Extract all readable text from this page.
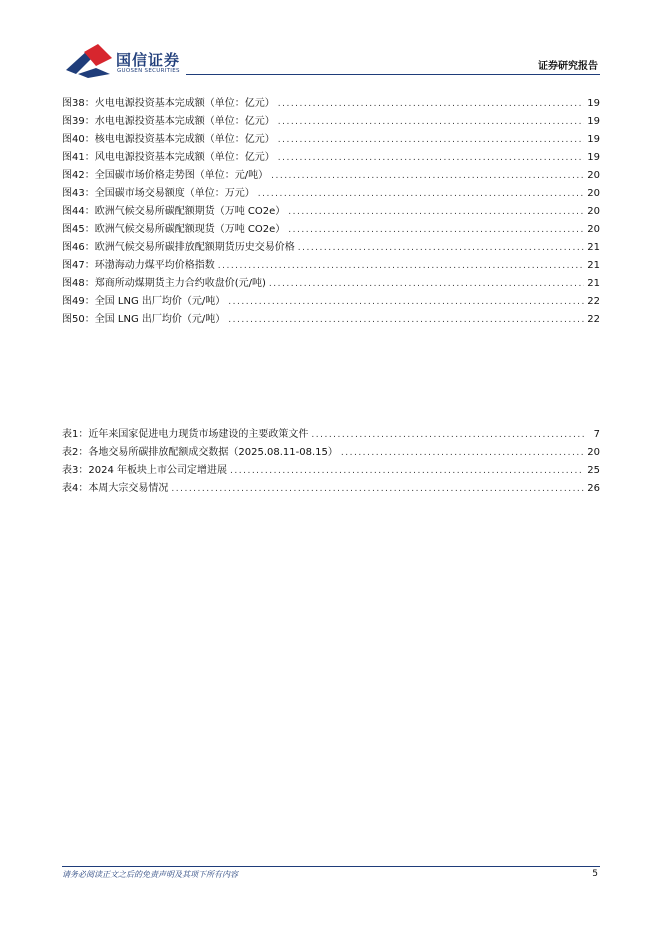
国信证券
GUOSEN SECURITIES	证券研究报告
图38：火电电源投资基本完成额（单位：亿元） .....	19
图39：水电电源投资基本完成额（单位：亿元） .....	19
图40：核电电源投资基本完成额（单位：亿元） .....	19
图41：风电电源投资基本完成额（单位：亿元） .....	19
图42：全国碳市场价格走势图（单位：元/吨） .....	20
图43：全国碳市场交易额度（单位：万元） .....	20
图44：欧洲气候交易所碳配额期货（万吨 CO2e） .....	20
图45：欧洲气候交易所碳配额现货（万吨 CO2e） .....	20
图46：欧洲气候交易所碳排放配额期货历史交易价格 .....	21
图47：环渤海动力煤平均价格指数 .....	21
图48：郑商所动煤期货主力合约收盘价(元/吨) .....	21
图49：全国 LNG 出厂均价（元/吨） .....	22
图50：全国 LNG 出厂均价（元/吨） .....	22
表1：近年来国家促进电力现货市场建设的主要政策文件 .....	7
表2：各地交易所碳排放配额成交数据（2025.08.11-08.15） .....	20
表3：2024 年板块上市公司定增进展 .....	25
表4：本周大宗交易情况 .....	26
请务必阅读正文之后的免责声明及其项下所有内容	5
